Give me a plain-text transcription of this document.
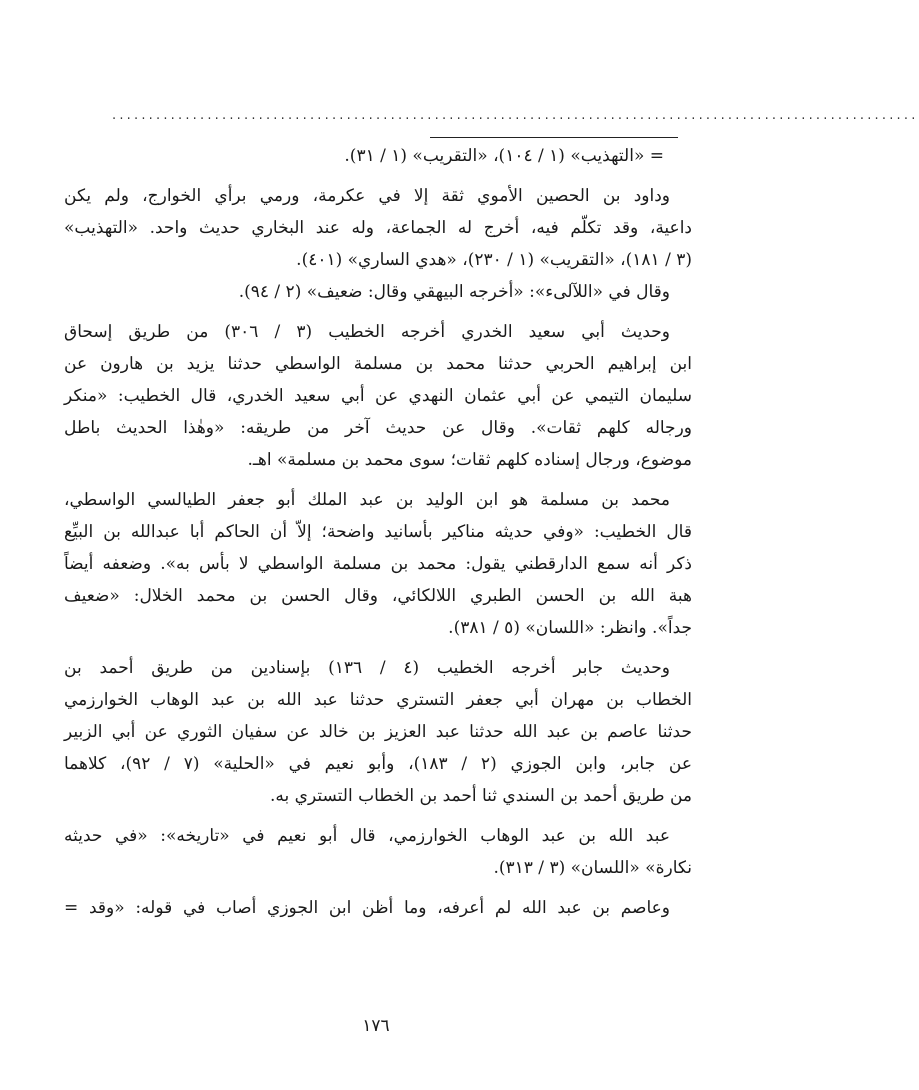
..............................................................................................................
= «التهذيب» (١ / ١٠٤)، «التقريب» (١ / ٣١).
وداود بن الحصين الأموي ثقة إلا في عكرمة، ورمي برأي الخوارج، ولم يكن
داعية، وقد تكلّم فيه، أخرج له الجماعة، وله عند البخاري حديث واحد. «التهذيب»
(٣ / ١٨١)، «التقريب» (١ / ٢٣٠)، «هدي الساري» (٤٠١).
وقال في «اللآلىء»: «أخرجه البيهقي وقال: ضعيف» (٢ / ٩٤).
وحديث أبي سعيد الخدري أخرجه الخطيب (٣ / ٣٠٦) من طريق إسحاق
ابن إبراهيم الحربي حدثنا محمد بن مسلمة الواسطي حدثنا يزيد بن هارون عن
سليمان التيمي عن أبي عثمان النهدي عن أبي سعيد الخدري، قال الخطيب: «منكر
ورجاله كلهم ثقات». وقال عن حديث آخر من طريقه: «وهٰذا الحديث باطل
موضوع، ورجال إسناده كلهم ثقات؛ سوى محمد بن مسلمة» اهـ.
محمد بن مسلمة هو ابن الوليد بن عبد الملك أبو جعفر الطيالسي الواسطي،
قال الخطيب: «وفي حديثه مناكير بأسانيد واضحة؛ إلاّ أن الحاكم أبا عبدالله بن البيِّع
ذكر أنه سمع الدارقطني يقول: محمد بن مسلمة الواسطي لا بأس به». وضعفه أيضاً
هبة الله بن الحسن الطبري اللالكائي، وقال الحسن بن محمد الخلال: «ضعيف
جداً». وانظر: «اللسان» (٥ / ٣٨١).
وحديث جابر أخرجه الخطيب (٤ / ١٣٦) بإسنادين من طريق أحمد بن
الخطاب بن مهران أبي جعفر التستري حدثنا عبد الله بن عبد الوهاب الخوارزمي
حدثنا عاصم بن عبد الله حدثنا عبد العزيز بن خالد عن سفيان الثوري عن أبي الزبير
عن جابر، وابن الجوزي (٢ / ١٨٣)، وأبو نعيم في «الحلية» (٧ / ٩٢)، كلاهما
من طريق أحمد بن السندي ثنا أحمد بن الخطاب التستري به.
عبد الله بن عبد الوهاب الخوارزمي، قال أبو نعيم في «تاريخه»: «في حديثه
نكارة» «اللسان» (٣ / ٣١٣).
وعاصم بن عبد الله لم أعرفه، وما أظن ابن الجوزي أصاب في قوله: «وقد =
١٧٦
